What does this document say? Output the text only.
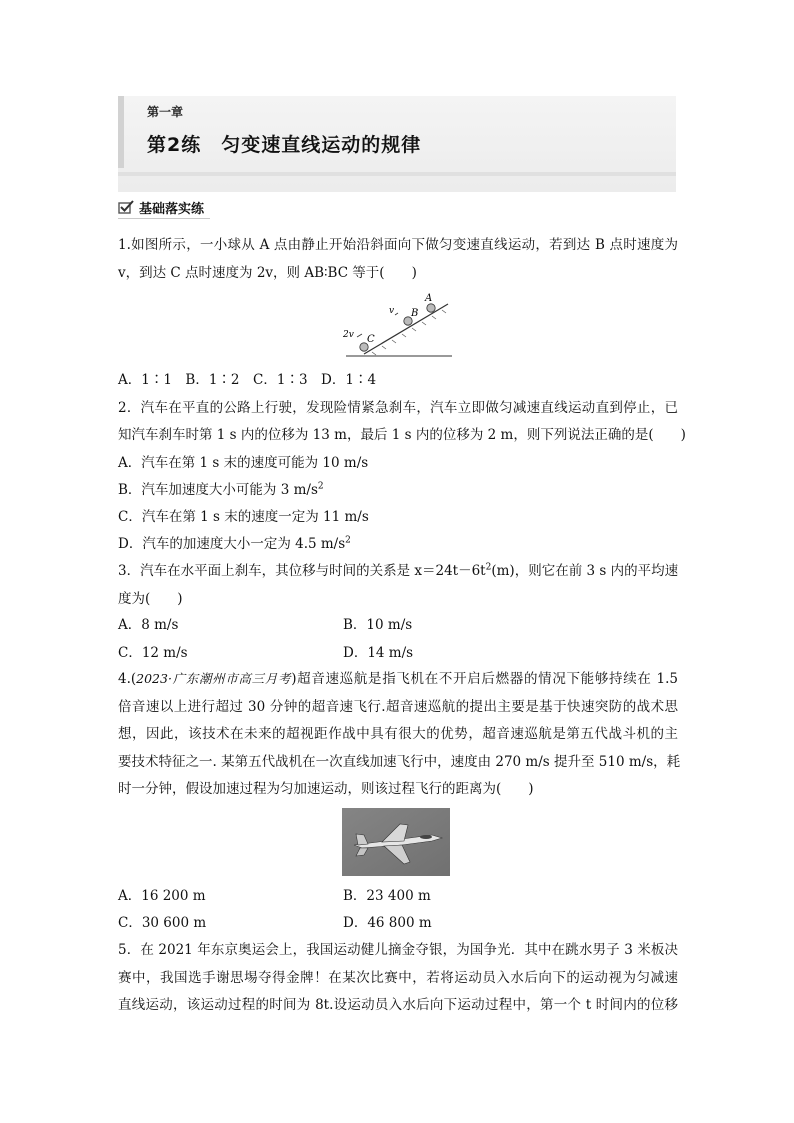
第一章
第2练　匀变速直线运动的规律
基础落实练
1.如图所示，一小球从 A 点由静止开始沿斜面向下做匀变速直线运动，若到达 B 点时速度为
v，到达 C 点时速度为 2v，则 AB∶BC 等于(　　)
A
B
C
v
2v
A．1∶1　B．1∶2　C．1∶3　D．1∶4
2．汽车在平直的公路上行驶，发现险情紧急刹车，汽车立即做匀减速直线运动直到停止，已
知汽车刹车时第 1 s 内的位移为 13 m，最后 1 s 内的位移为 2 m，则下列说法正确的是(　　)
A．汽车在第 1 s 末的速度可能为 10 m/s
B．汽车加速度大小可能为 3 $m/s^2$
C．汽车在第 1 s 末的速度一定为 11 m/s
D．汽车的加速度大小一定为 4.5 $m/s^2$
3．汽车在水平面上刹车，其位移与时间的关系是 $x=24t-6t^2(m)$，则它在前 3 s 内的平均速
度为(　　)
A．8 m/s	B．10 m/s
C．12 m/s	D．14 m/s
4.(2023·广东潮州市高三月考)超音速巡航是指飞机在不开启后燃器的情况下能够持续在 1.5
倍音速以上进行超过 30 分钟的超音速飞行.超音速巡航的提出主要是基于快速突防的战术思
想，因此，该技术在未来的超视距作战中具有很大的优势，超音速巡航是第五代战斗机的主
要技术特征之一. 某第五代战机在一次直线加速飞行中，速度由 270 m/s 提升至 510 m/s，耗
时一分钟，假设加速过程为匀加速运动，则该过程飞行的距离为(　　)
A．16 200 m	B．23 400 m
C．30 600 m	D．46 800 m
5．在 2021 年东京奥运会上，我国运动健儿摘金夺银，为国争光．其中在跳水男子 3 米板决
赛中，我国选手谢思埸夺得金牌！在某次比赛中，若将运动员入水后向下的运动视为匀减速
直线运动，该运动过程的时间为 8t.设运动员入水后向下运动过程中，第一个 t 时间内的位移
